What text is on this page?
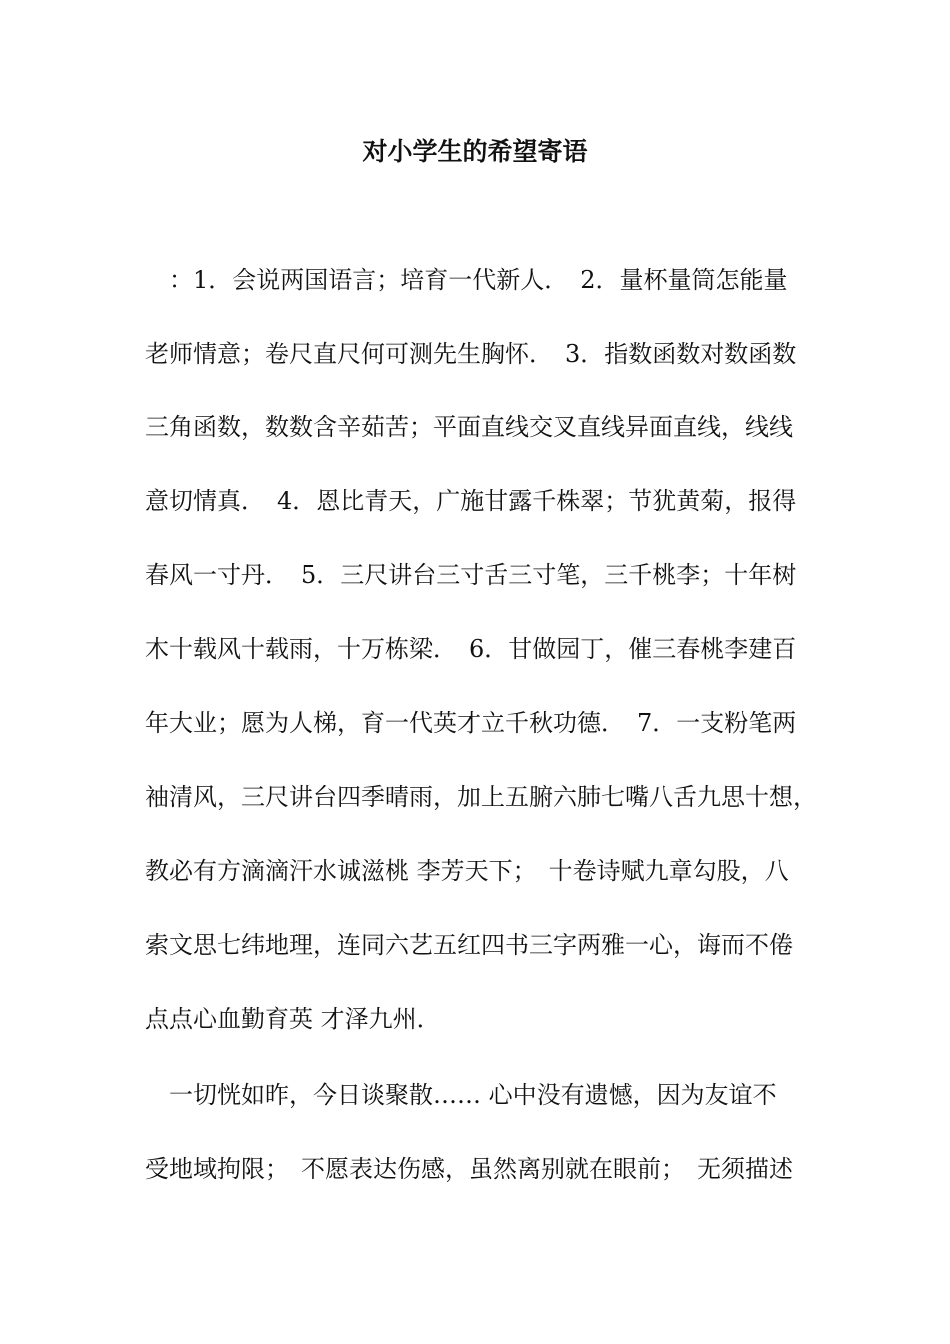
对小学生的希望寄语
　：1．会说两国语言；培育一代新人．　2．量杯量筒怎能量
老师情意；卷尺直尺何可测先生胸怀．　3．指数函数对数函数
三角函数，数数含辛茹苦；平面直线交叉直线异面直线，线线
意切情真．　4．恩比青天，广施甘露千株翠；节犹黄菊，报得
春风一寸丹．　5．三尺讲台三寸舌三寸笔，三千桃李；十年树
木十载风十载雨，十万栋梁．　6．甘做园丁，催三春桃李建百
年大业；愿为人梯，育一代英才立千秋功德．　7．一支粉笔两
袖清风，三尺讲台四季晴雨，加上五腑六肺七嘴八舌九思十想，
教必有方滴滴汗水诚滋桃 李芳天下；　十卷诗赋九章勾股，八
索文思七纬地理，连同六艺五红四书三字两雅一心，诲而不倦
点点心血勤育英 才泽九州．
　一切恍如昨，今日谈聚散…… 心中没有遗憾，因为友谊不
受地域拘限；　不愿表达伤感，虽然离别就在眼前；　无须描述
